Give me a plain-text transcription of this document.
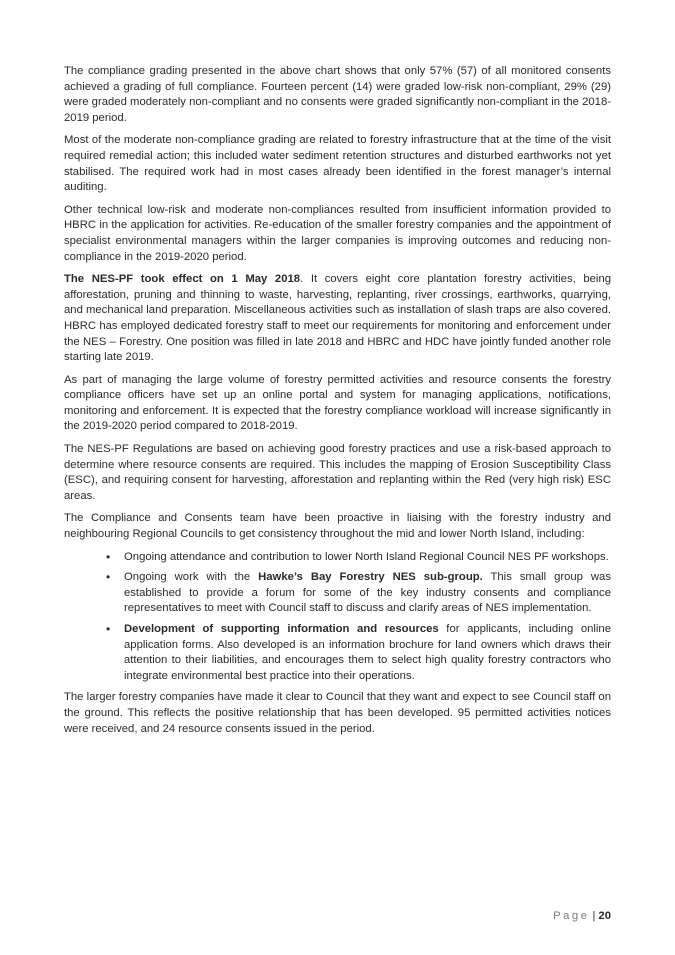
The compliance grading presented in the above chart shows that only 57% (57) of all monitored consents achieved a grading of full compliance. Fourteen percent (14) were graded low-risk non-compliant, 29% (29) were graded moderately non-compliant and no consents were graded significantly non-compliant in the 2018-2019 period.

Most of the moderate non-compliance grading are related to forestry infrastructure that at the time of the visit required remedial action; this included water sediment retention structures and disturbed earthworks not yet stabilised. The required work had in most cases already been identified in the forest manager’s internal auditing.

Other technical low-risk and moderate non-compliances resulted from insufficient information provided to HBRC in the application for activities. Re-education of the smaller forestry companies and the appointment of specialist environmental managers within the larger companies is improving outcomes and reducing non-compliance in the 2019-2020 period.

The NES-PF took effect on 1 May 2018. It covers eight core plantation forestry activities, being afforestation, pruning and thinning to waste, harvesting, replanting, river crossings, earthworks, quarrying, and mechanical land preparation. Miscellaneous activities such as installation of slash traps are also covered. HBRC has employed dedicated forestry staff to meet our requirements for monitoring and enforcement under the NES – Forestry. One position was filled in late 2018 and HBRC and HDC have jointly funded another role starting late 2019.

As part of managing the large volume of forestry permitted activities and resource consents the forestry compliance officers have set up an online portal and system for managing applications, notifications, monitoring and enforcement. It is expected that the forestry compliance workload will increase significantly in the 2019-2020 period compared to 2018-2019.

The NES-PF Regulations are based on achieving good forestry practices and use a risk-based approach to determine where resource consents are required. This includes the mapping of Erosion Susceptibility Class (ESC), and requiring consent for harvesting, afforestation and replanting within the Red (very high risk) ESC areas.

The Compliance and Consents team have been proactive in liaising with the forestry industry and neighbouring Regional Councils to get consistency throughout the mid and lower North Island, including:

• Ongoing attendance and contribution to lower North Island Regional Council NES PF workshops.
• Ongoing work with the Hawke’s Bay Forestry NES sub-group. This small group was established to provide a forum for some of the key industry consents and compliance representatives to meet with Council staff to discuss and clarify areas of NES implementation.
• Development of supporting information and resources for applicants, including online application forms. Also developed is an information brochure for land owners which draws their attention to their liabilities, and encourages them to select high quality forestry contractors who integrate environmental best practice into their operations.

The larger forestry companies have made it clear to Council that they want and expect to see Council staff on the ground. This reflects the positive relationship that has been developed. 95 permitted activities notices were received, and 24 resource consents issued in the period.

Page | 20
